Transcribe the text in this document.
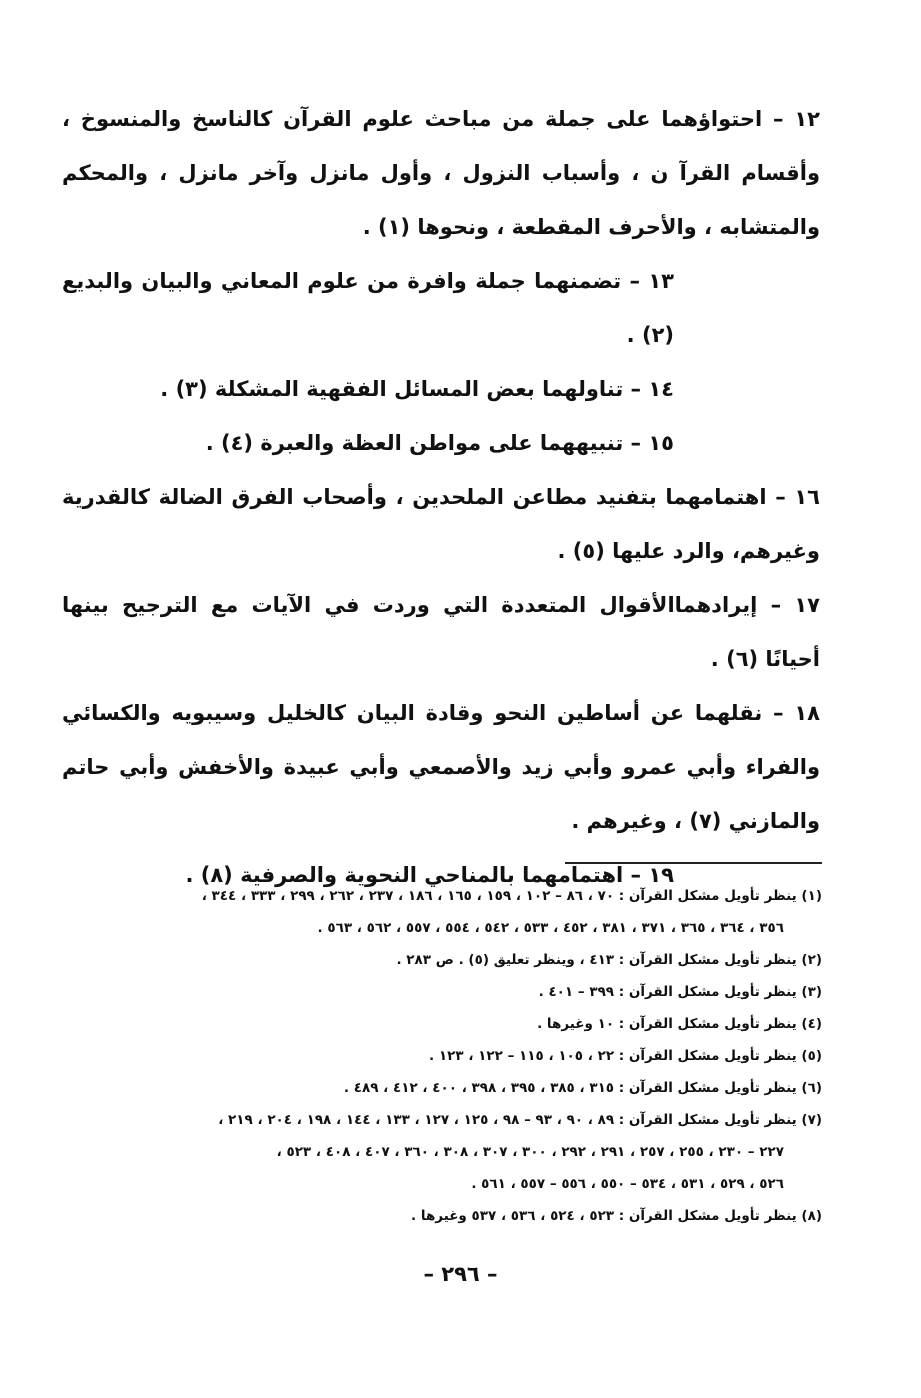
١٢ – احتواؤهما على جملة من مباحث علوم القرآن كالناسخ والمنسوخ ، وأقسام القرآ ن ، وأسباب النزول ، وأول مانزل وآخر مانزل ، والمحكم والمتشابه ، والأحرف المقطعة ، ونحوها (١) .

١٣ – تضمنهما جملة وافرة من علوم المعاني والبيان والبديع (٢) .

١٤ – تناولهما بعض المسائل الفقهية المشكلة (٣) .

١٥ – تنبيههما على مواطن العظة والعبرة (٤) .

١٦ – اهتمامهما بتفنيد مطاعن الملحدين ، وأصحاب الفرق الضالة كالقدرية وغيرهم، والرد عليها (٥) .

١٧ – إيرادهماالأقوال المتعددة التي وردت في الآيات مع الترجيح بينها أحيانًا (٦) .

١٨ – نقلهما عن أساطين النحو وقادة البيان كالخليل وسيبويه والكسائي والفراء وأبي عمرو وأبي زيد والأصمعي وأبي عبيدة والأخفش وأبي حاتم والمازني (٧) ، وغيرهم .

١٩ – اهتمامهما بالمناحي النحوية والصرفية (٨) .

(١) ينظر تأويل مشكل القرآن : ٧٠ ، ٨٦ – ١٠٢ ، ١٥٩ ، ١٦٥ ، ١٨٦ ، ٢٣٧ ، ٢٦٢ ، ٢٩٩ ، ٣٣٣ ، ٣٤٤ ،

٣٥٦ ، ٣٦٤ ، ٣٦٥ ، ٣٧١ ، ٣٨١ ، ٤٥٢ ، ٥٣٣ ، ٥٤٢ ، ٥٥٤ ، ٥٥٧ ، ٥٦٢ ، ٥٦٣ .

(٢) ينظر تأويل مشكل القرآن : ٤١٣ ، وينظر تعليق (٥) . ص ٢٨٣ .

(٣) ينظر تأويل مشكل القرآن : ٣٩٩ – ٤٠١ .

(٤) ينظر تأويل مشكل القرآن : ١٠ وغيرها .

(٥) ينظر تأويل مشكل القرآن : ٢٢ ، ١٠٥ ، ١١٥ – ١٢٢ ، ١٢٣ .

(٦) ينظر تأويل مشكل القرآن : ٣١٥ ، ٣٨٥ ، ٣٩٥ ، ٣٩٨ ، ٤٠٠ ، ٤١٢ ، ٤٨٩ .

(٧) ينظر تأويل مشكل القرآن : ٨٩ ، ٩٠ ، ٩٣ – ٩٨ ، ١٢٥ ، ١٢٧ ، ١٣٣ ، ١٤٤ ، ١٩٨ ، ٢٠٤ ، ٢١٩ ،

٢٢٧ – ٢٣٠ ، ٢٥٥ ، ٢٥٧ ، ٢٩١ ، ٢٩٢ ، ٣٠٠ ، ٣٠٧ ، ٣٠٨ ، ٣٦٠ ، ٤٠٧ ، ٤٠٨ ، ٥٢٣ ،

٥٢٦ ، ٥٢٩ ، ٥٣١ ، ٥٣٤ – ٥٥٠ ، ٥٥٦ – ٥٥٧ ، ٥٦١ .

(٨) ينظر تأويل مشكل القرآن : ٥٢٣ ، ٥٢٤ ، ٥٣٦ ، ٥٣٧ وغيرها .

– ٢٩٦ –
